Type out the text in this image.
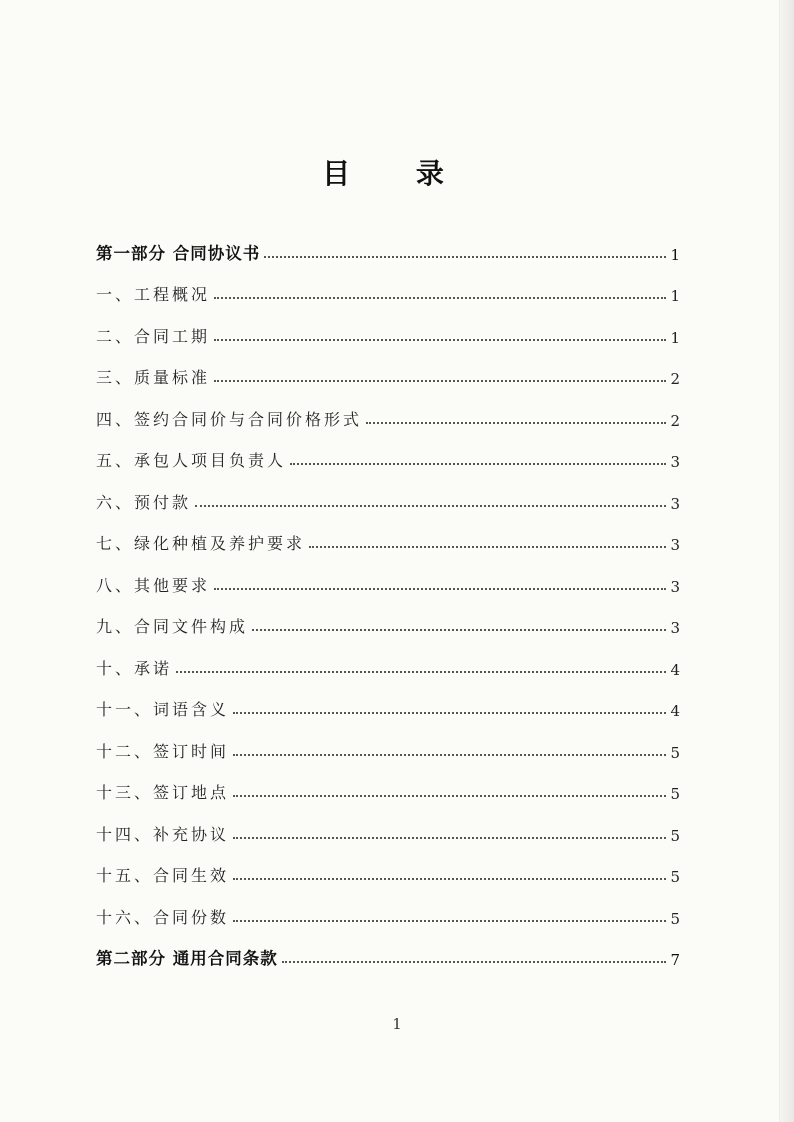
目 录
第一部分 合同协议书	1
一、工程概况	1
二、合同工期	1
三、质量标准	2
四、签约合同价与合同价格形式	2
五、承包人项目负责人	3
六、预付款	3
七、绿化种植及养护要求	3
八、其他要求	3
九、合同文件构成	3
十、承诺	4
十一、词语含义	4
十二、签订时间	5
十三、签订地点	5
十四、补充协议	5
十五、合同生效	5
十六、合同份数	5
第二部分 通用合同条款	7
1
